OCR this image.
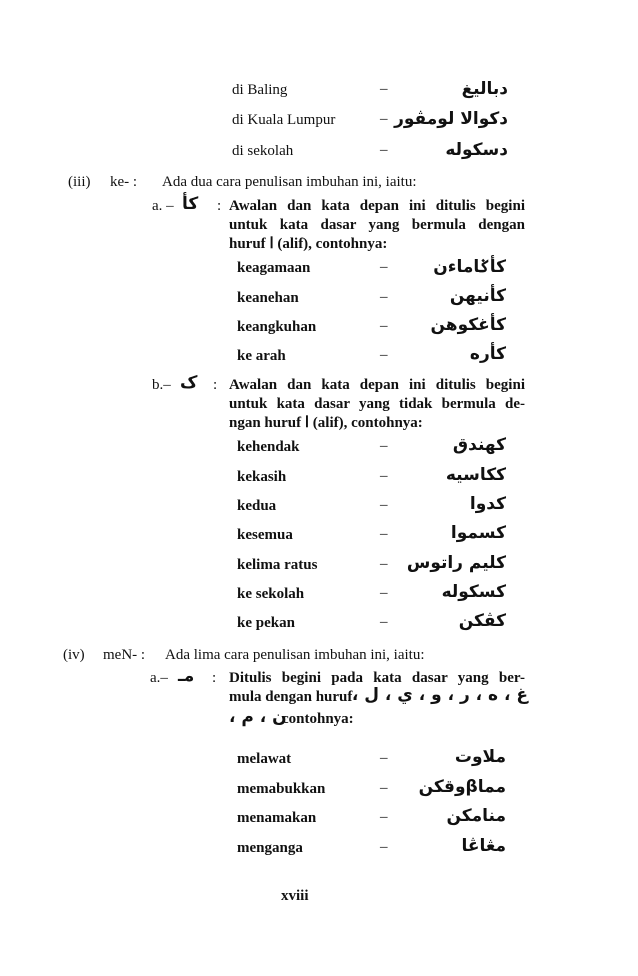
di Baling	–	دباليغ
di Kuala Lumpur	– دكوالا لومڤور
di sekolah	–	دسكوله
(iii) ke- : Ada dua cara penulisan imbuhan ini, iaitu:
a. – كأ : Awalan dan kata depan ini ditulis begini
untuk kata dasar yang bermula dengan
huruf ا (alif), contohnya:
keagamaan	–	كأݢاماءن
keanehan	–	كأنيهن
keangkuhan	–	كأغكوهن
ke arah	–	كأره
b.– ک : Awalan dan kata depan ini ditulis begini
untuk kata dasar yang tidak bermula de-
ngan huruf ا (alif), contohnya:
kehendak	–	کهندق
kekasih	–	ککاسيه
kedua	–	کدوا
kesemua	–	کسموا
kelima ratus	– کليم راتوس
ke sekolah	–	کسکوله
ke pekan	–	کڤکن
(iv) meN- : Ada lima cara penulisan imbuhan ini, iaitu:
a.– مـ : Ditulis begini pada kata dasar yang ber-
mula dengan huruf غ ، ه ، ر ، و ، ي ، ل ،
ن ، م ،
contohnya:
melawat	–	ملاوت
memabukkan	– مماβوقکن
menamakan	–	منامکن
menganga	–	مڠاڠا
xviii
